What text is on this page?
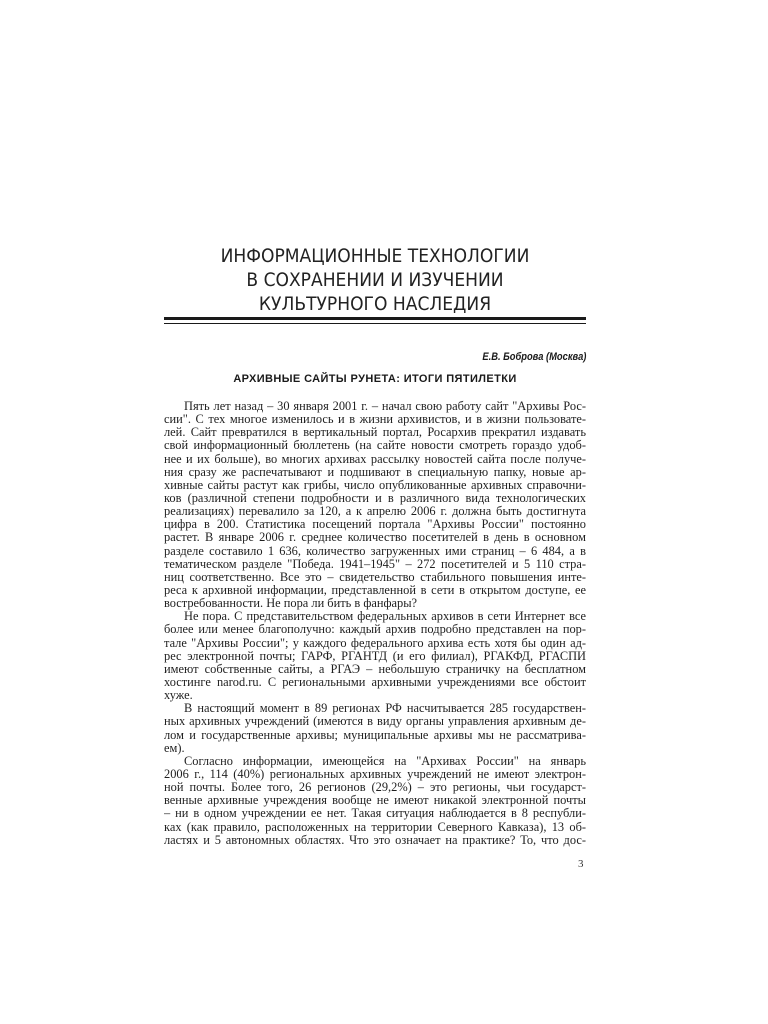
ИНФОРМАЦИОННЫЕ ТЕХНОЛОГИИ
В СОХРАНЕНИИ И ИЗУЧЕНИИ
КУЛЬТУРНОГО НАСЛЕДИЯ
Е.В. Боброва (Москва)
АРХИВНЫЕ САЙТЫ РУНЕТА: ИТОГИ ПЯТИЛЕТКИ
Пять лет назад – 30 января 2001 г. – начал свою работу сайт "Архивы Рос-
сии". С тех многое изменилось и в жизни архивистов, и в жизни пользовате-
лей. Сайт превратился в вертикальный портал, Росархив прекратил издавать
свой информационный бюллетень (на сайте новости смотреть гораздо удоб-
нее и их больше), во многих архивах рассылку новостей сайта после получе-
ния сразу же распечатывают и подшивают в специальную папку, новые ар-
хивные сайты растут как грибы, число опубликованные архивных справочни-
ков (различной степени подробности и в различного вида технологических
реализациях) перевалило за 120, а к апрелю 2006 г. должна быть достигнута
цифра в 200. Статистика посещений портала "Архивы России" постоянно
растет. В январе 2006 г. среднее количество посетителей в день в основном
разделе составило 1 636, количество загруженных ими страниц – 6 484, а в
тематическом разделе "Победа. 1941–1945" – 272 посетителей и 5 110 стра-
ниц соответственно. Все это – свидетельство стабильного повышения инте-
реса к архивной информации, представленной в сети в открытом доступе, ее
востребованности. Не пора ли бить в фанфары?
Не пора. С представительством федеральных архивов в сети Интернет все
более или менее благополучно: каждый архив подробно представлен на пор-
тале "Архивы России"; у каждого федерального архива есть хотя бы один ад-
рес электронной почты; ГАРФ, РГАНТД (и его филиал), РГАКФД, РГАСПИ
имеют собственные сайты, а РГАЭ – небольшую страничку на бесплатном
хостинге narod.ru. С региональными архивными учреждениями все обстоит
хуже.
В настоящий момент в 89 регионах РФ насчитывается 285 государствен-
ных архивных учреждений (имеются в виду органы управления архивным де-
лом и государственные архивы; муниципальные архивы мы не рассматрива-
ем).
Согласно информации, имеющейся на "Архивах России" на январь
2006 г., 114 (40%) региональных архивных учреждений не имеют электрон-
ной почты. Более того, 26 регионов (29,2%) – это регионы, чьи государст-
венные архивные учреждения вообще не имеют никакой электронной почты
– ни в одном учреждении ее нет. Такая ситуация наблюдается в 8 республи-
ках (как правило, расположенных на территории Северного Кавказа), 13 об-
ластях и 5 автономных областях. Что это означает на практике? То, что дос-
3
